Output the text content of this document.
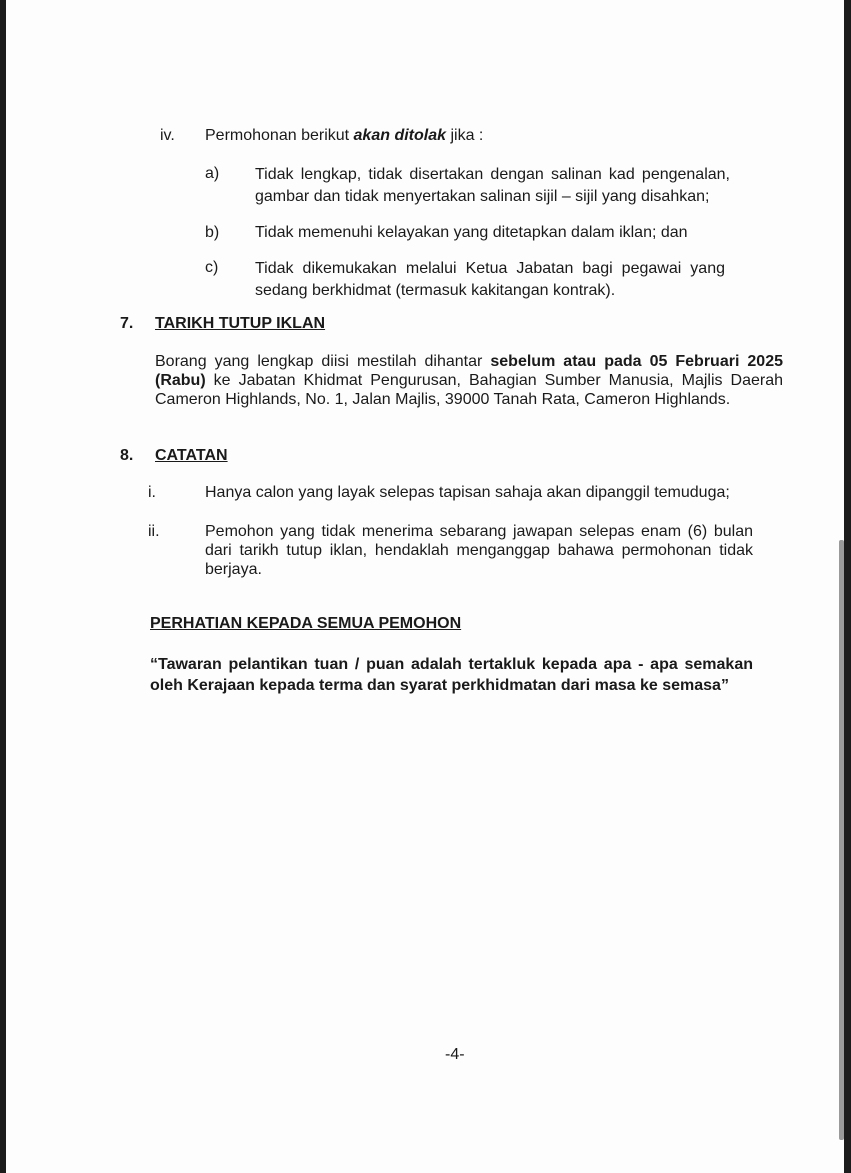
iv. Permohonan berikut akan ditolak jika :
a) Tidak lengkap, tidak disertakan dengan salinan kad pengenalan, gambar dan tidak menyertakan salinan sijil – sijil yang disahkan;
b) Tidak memenuhi kelayakan yang ditetapkan dalam iklan; dan
c) Tidak dikemukakan melalui Ketua Jabatan bagi pegawai yang sedang berkhidmat (termasuk kakitangan kontrak).
7. TARIKH TUTUP IKLAN
Borang yang lengkap diisi mestilah dihantar sebelum atau pada 05 Februari 2025 (Rabu) ke Jabatan Khidmat Pengurusan, Bahagian Sumber Manusia, Majlis Daerah Cameron Highlands, No. 1, Jalan Majlis, 39000 Tanah Rata, Cameron Highlands.
8. CATATAN
i.	Hanya calon yang layak selepas tapisan sahaja akan dipanggil temuduga;
ii.	Pemohon yang tidak menerima sebarang jawapan selepas enam (6) bulan dari tarikh tutup iklan, hendaklah menganggap bahawa permohonan tidak berjaya.
PERHATIAN KEPADA SEMUA PEMOHON
“Tawaran pelantikan tuan / puan adalah tertakluk kepada apa - apa semakan oleh Kerajaan kepada terma dan syarat perkhidmatan dari masa ke semasa”
-4-
